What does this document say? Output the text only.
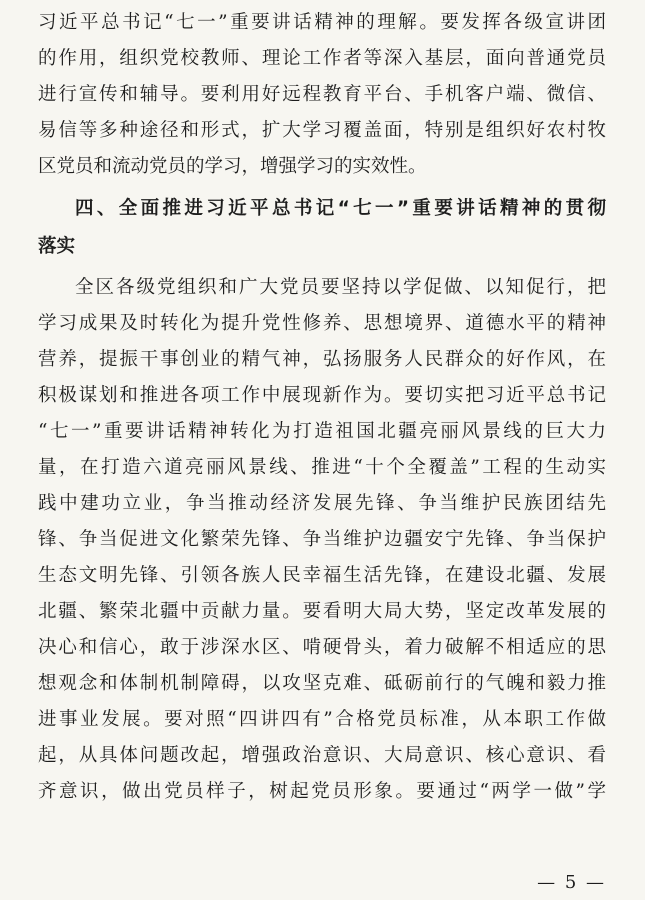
习近平总书记“七一”重要讲话精神的理解。要发挥各级宣讲团
的作用，组织党校教师、理论工作者等深入基层，面向普通党员
进行宣传和辅导。要利用好远程教育平台、手机客户端、微信、
易信等多种途径和形式，扩大学习覆盖面，特别是组织好农村牧
区党员和流动党员的学习，增强学习的实效性。
四、全面推进习近平总书记“七一”重要讲话精神的贯彻
落实
全区各级党组织和广大党员要坚持以学促做、以知促行，把
学习成果及时转化为提升党性修养、思想境界、道德水平的精神
营养，提振干事创业的精气神，弘扬服务人民群众的好作风，在
积极谋划和推进各项工作中展现新作为。要切实把习近平总书记
“七一”重要讲话精神转化为打造祖国北疆亮丽风景线的巨大力
量，在打造六道亮丽风景线、推进“十个全覆盖”工程的生动实
践中建功立业，争当推动经济发展先锋、争当维护民族团结先
锋、争当促进文化繁荣先锋、争当维护边疆安宁先锋、争当保护
生态文明先锋、引领各族人民幸福生活先锋，在建设北疆、发展
北疆、繁荣北疆中贡献力量。要看明大局大势，坚定改革发展的
决心和信心，敢于涉深水区、啃硬骨头，着力破解不相适应的思
想观念和体制机制障碍，以攻坚克难、砥砺前行的气魄和毅力推
进事业发展。要对照“四讲四有”合格党员标准，从本职工作做
起，从具体问题改起，增强政治意识、大局意识、核心意识、看
齐意识，做出党员样子，树起党员形象。要通过“两学一做”学
— 5 —
